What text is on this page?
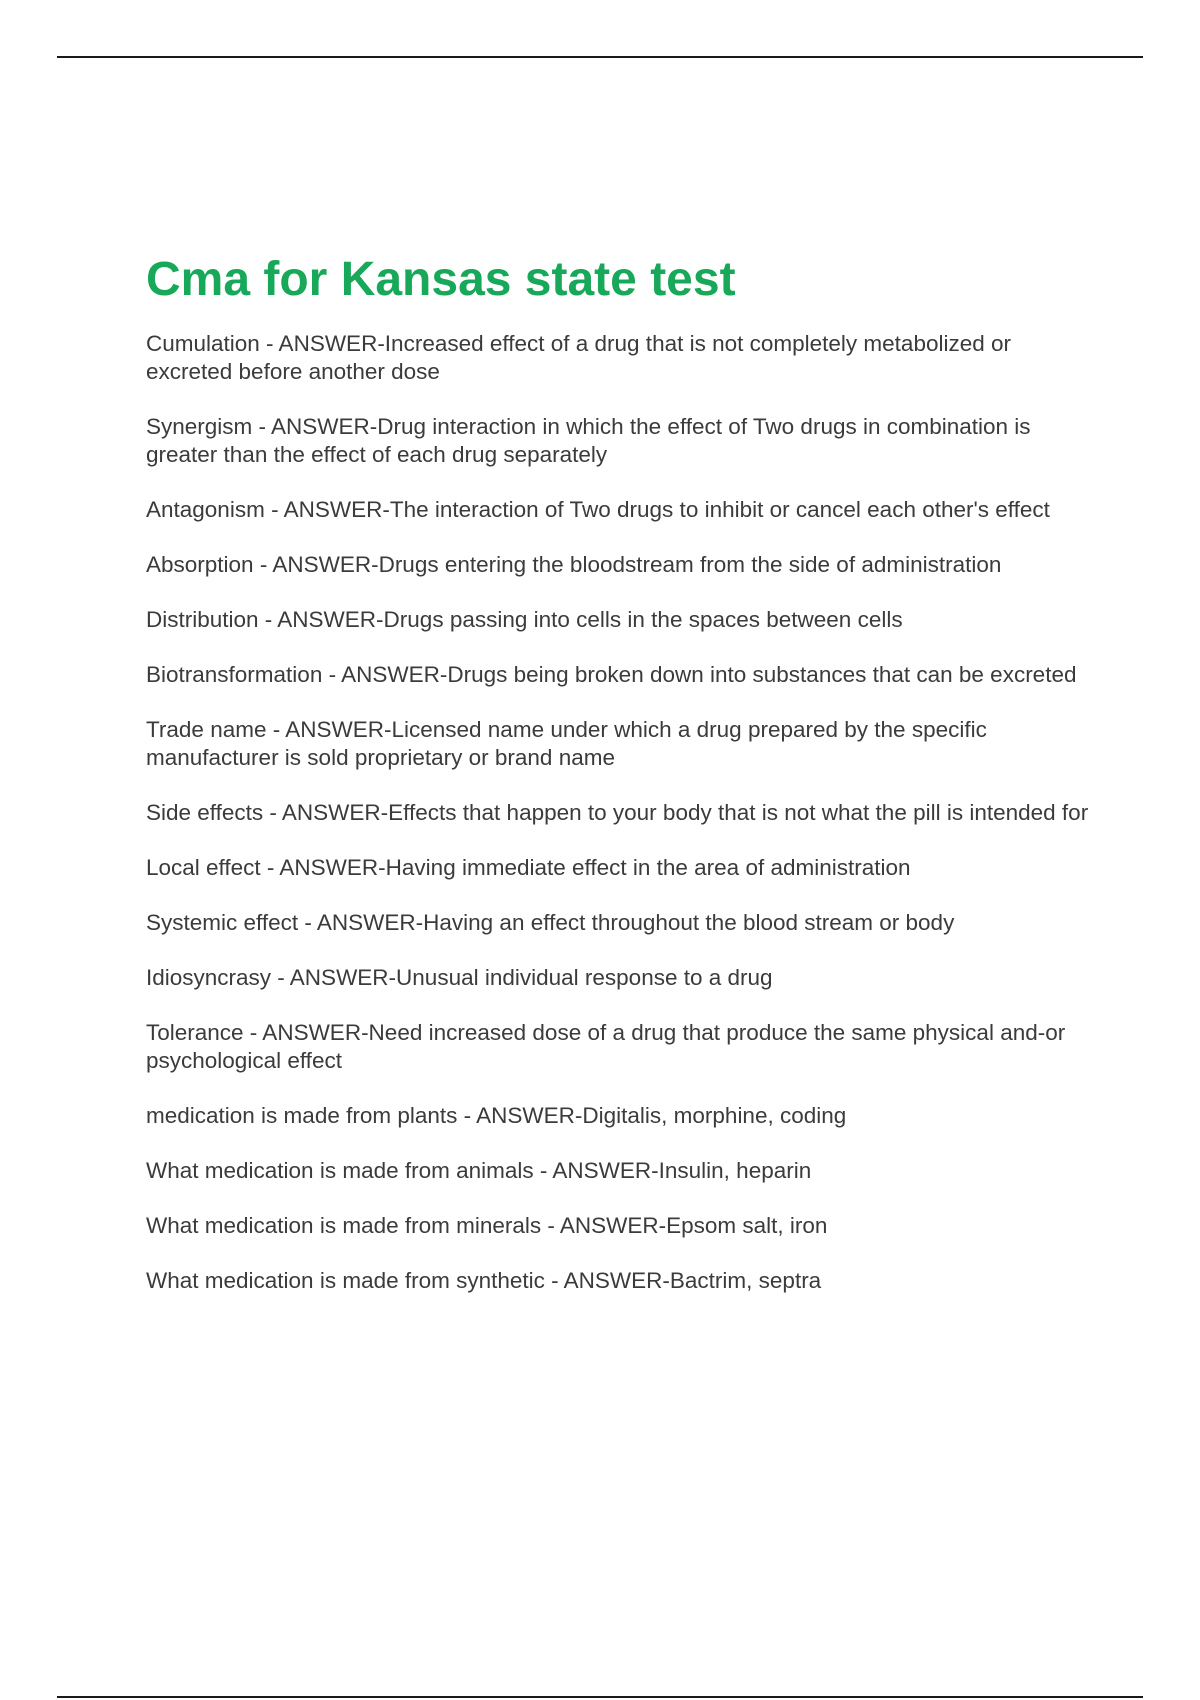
Cma for Kansas state test

Cumulation - ANSWER-Increased effect of a drug that is not completely metabolized or excreted before another dose

Synergism - ANSWER-Drug interaction in which the effect of Two drugs in combination is greater than the effect of each drug separately

Antagonism - ANSWER-The interaction of Two drugs to inhibit or cancel each other's effect

Absorption - ANSWER-Drugs entering the bloodstream from the side of administration

Distribution - ANSWER-Drugs passing into cells in the spaces between cells

Biotransformation - ANSWER-Drugs being broken down into substances that can be excreted

Trade name - ANSWER-Licensed name under which a drug prepared by the specific manufacturer is sold proprietary or brand name

Side effects - ANSWER-Effects that happen to your body that is not what the pill is intended for

Local effect - ANSWER-Having immediate effect in the area of administration

Systemic effect - ANSWER-Having an effect throughout the blood stream or body

Idiosyncrasy - ANSWER-Unusual individual response to a drug

Tolerance - ANSWER-Need increased dose of a drug that produce the same physical and-or psychological effect

medication is made from plants - ANSWER-Digitalis, morphine, coding

What medication is made from animals - ANSWER-Insulin, heparin

What medication is made from minerals - ANSWER-Epsom salt, iron

What medication is made from synthetic - ANSWER-Bactrim, septra
